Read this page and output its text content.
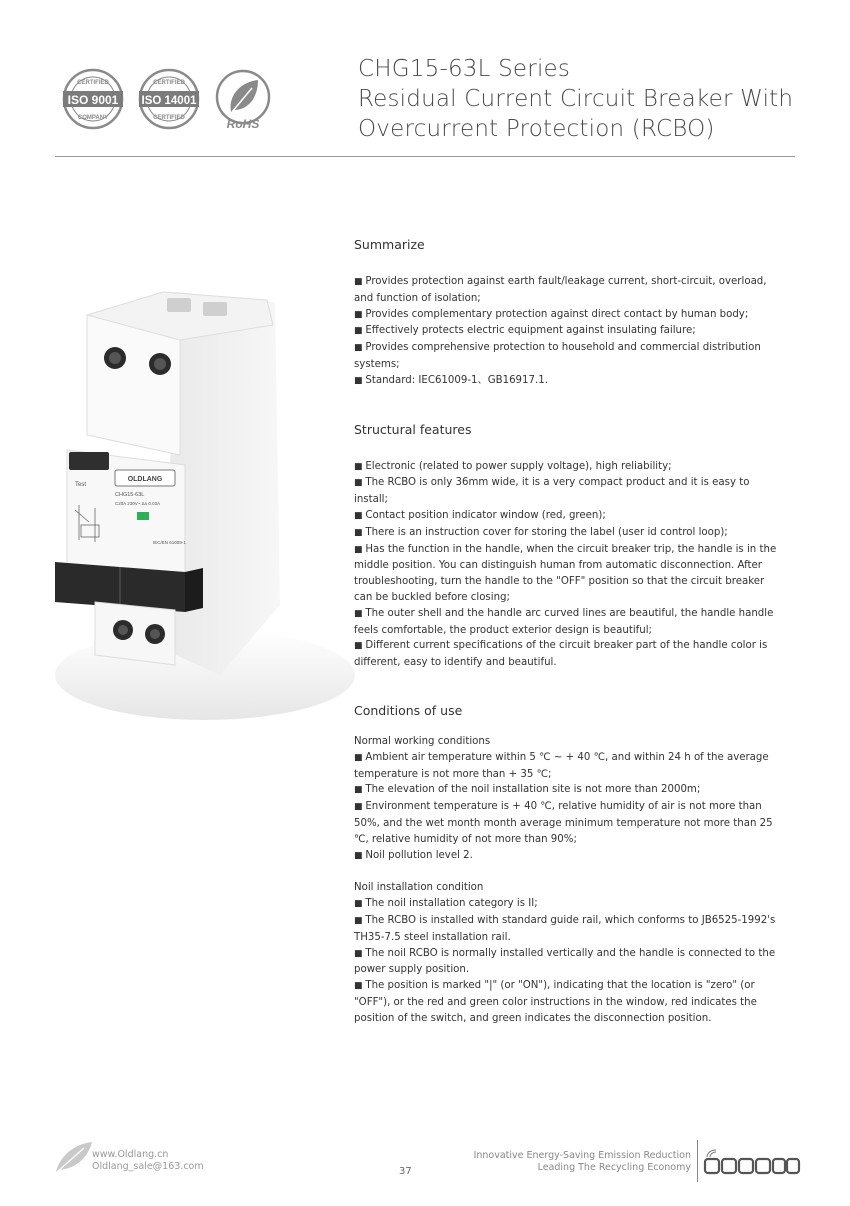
ISO 9001
CERTIFIED
COMPANY
ISO 14001
CERTIFIED
CERTIFIED	RoHS
CHG15-63L Series
Residual Current Circuit Breaker With
Overcurrent Protection (RCBO)
Test
OLDLANG
CHG15-63L
C20A 230V~ Δn 0.03A
IEC/EN 61009-1
Summarize

■ Provides protection against earth fault/leakage current, short-circuit, overload, and function of isolation;

■ Provides complementary protection against direct contact by human body;

■ Effectively protects electric equipment against insulating failure;

■ Provides comprehensive protection to household and commercial distribution systems;

■ Standard: IEC61009-1、GB16917.1.

Structural features

■ Electronic (related to power supply voltage), high reliability;

■ The RCBO is only 36mm wide, it is a very compact product and it is easy to install;

■ Contact position indicator window (red, green);

■ There is an instruction cover for storing the label (user id control loop);

■ Has the function in the handle, when the circuit breaker trip, the handle is in the middle position. You can distinguish human from automatic disconnection. After troubleshooting, turn the handle to the "OFF" position so that the circuit breaker can be buckled before closing;

■ The outer shell and the handle arc curved lines are beautiful, the handle handle feels comfortable, the product exterior design is beautiful;

■ Different current specifications of the circuit breaker part of the handle color is different, easy to identify and beautiful.

Conditions of use

Normal working conditions

■ Ambient air temperature within 5 ℃ ~ + 40 ℃, and within 24 h of the average temperature is not more than + 35 ℃;

■ The elevation of the noil installation site is not more than 2000m;

■ Environment temperature is + 40 ℃, relative humidity of air is not more than 50%, and the wet month month average minimum temperature not more than 25 ℃, relative humidity of not more than 90%;

■ Noil pollution level 2.

Noil installation condition

■ The noil installation category is II;

■ The RCBO is installed with standard guide rail, which conforms to JB6525-1992's TH35-7.5 steel installation rail.

■ The noil RCBO is normally installed vertically and the handle is connected to the power supply position.

■ The position is marked "|" (or "ON"), indicating that the location is "zero" (or "OFF"), or the red and green color instructions in the window, red indicates the position of the switch, and green indicates the disconnection position.

www.Oldlang.cn
Oldlang_sale@163.com	37
Innovative Energy-Saving Emission Reduction
Leading The Recycling Economy
OLDLANG
